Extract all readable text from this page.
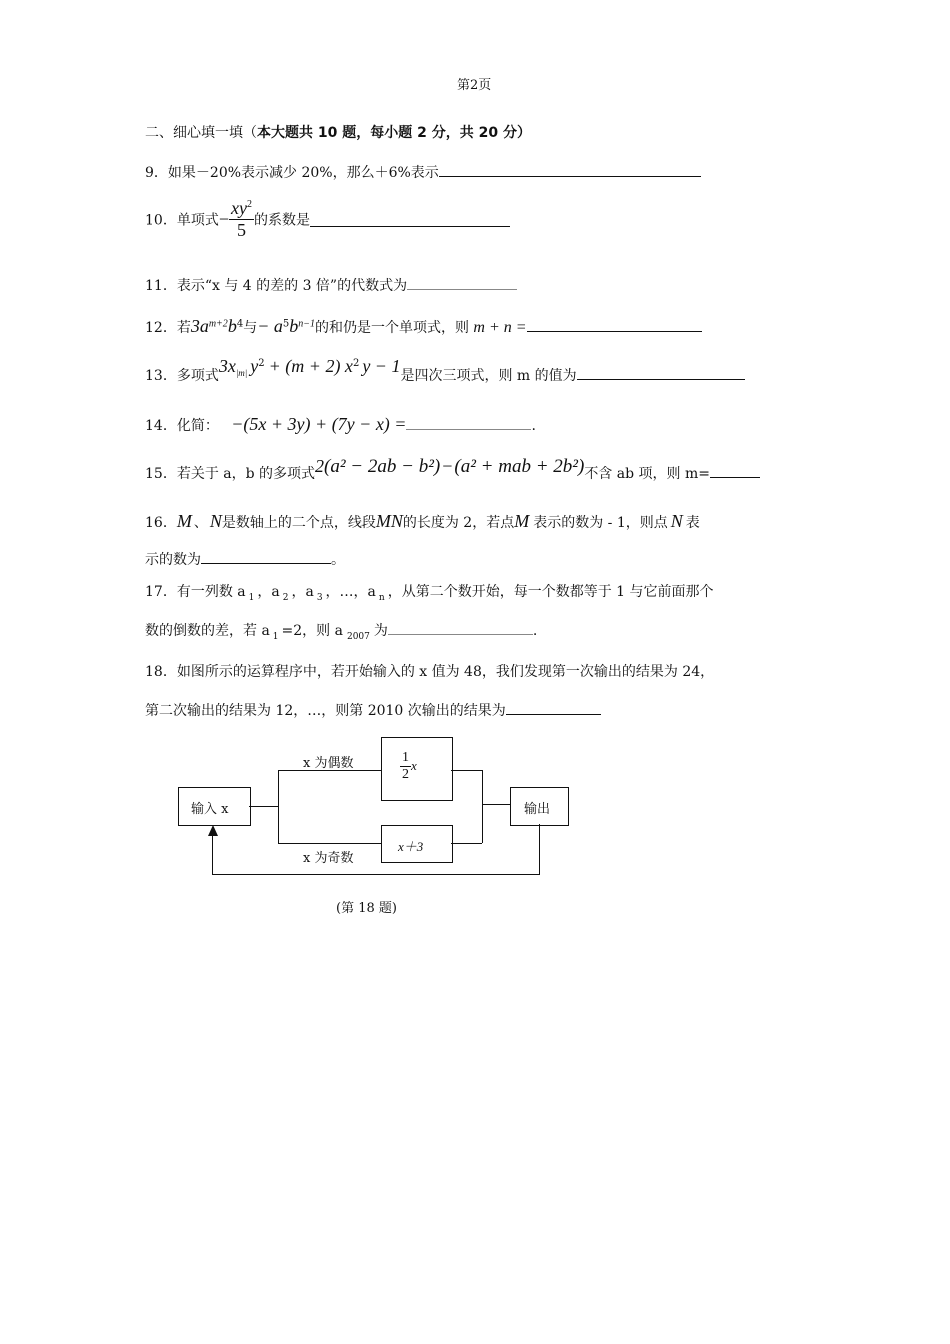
第2页
二、细心填一填（本大题共 10 题，每小题 2 分，共 20 分）
9．如果－20%表示减少 20%，那么＋6%表示
10．单项式− $\frac{xy^2}{5}$ 的系数是
11．表示“x 与 4 的差的 3 倍”的代数式为
12．若$3a^{m+2}b^4$与− $a^5b^{n-1}$的和仍是一个单项式，则 m + n =
13．多项式$3x_{|m|}$ $y^2 + (m + 2)$ $x^2$ y − 1是四次三项式，则 m 的值为
14．化简： −(5x + 3y) + (7y − x) =	.
15．若关于 a，b 的多项式2(a² − 2ab − b²) − (a² + mab + 2b²)不含 ab 项，则 m=
16．M 、 N是数轴上的二个点，线段MN的长度为 2，若点M 表示的数为 - 1，则点 N 表
示的数为	。
17．有一列数 a $_1$ ，a $_2$ ，a $_3$ ，…，a $_n$ ，从第二个数开始，每一个数都等于 1 与它前面那个
数的倒数的差，若 a $_1$ =2，则 a $_{2007}$ 为	.
18．如图所示的运算程序中，若开始输入的 x 值为 48，我们发现第一次输出的结果为 24，
第二次输出的结果为 12，…，则第 2010 次输出的结果为
输入 x
x 为偶数
x 为奇数
$\frac{1}{2}$ x
x＋3
输出
(第 18 题)
